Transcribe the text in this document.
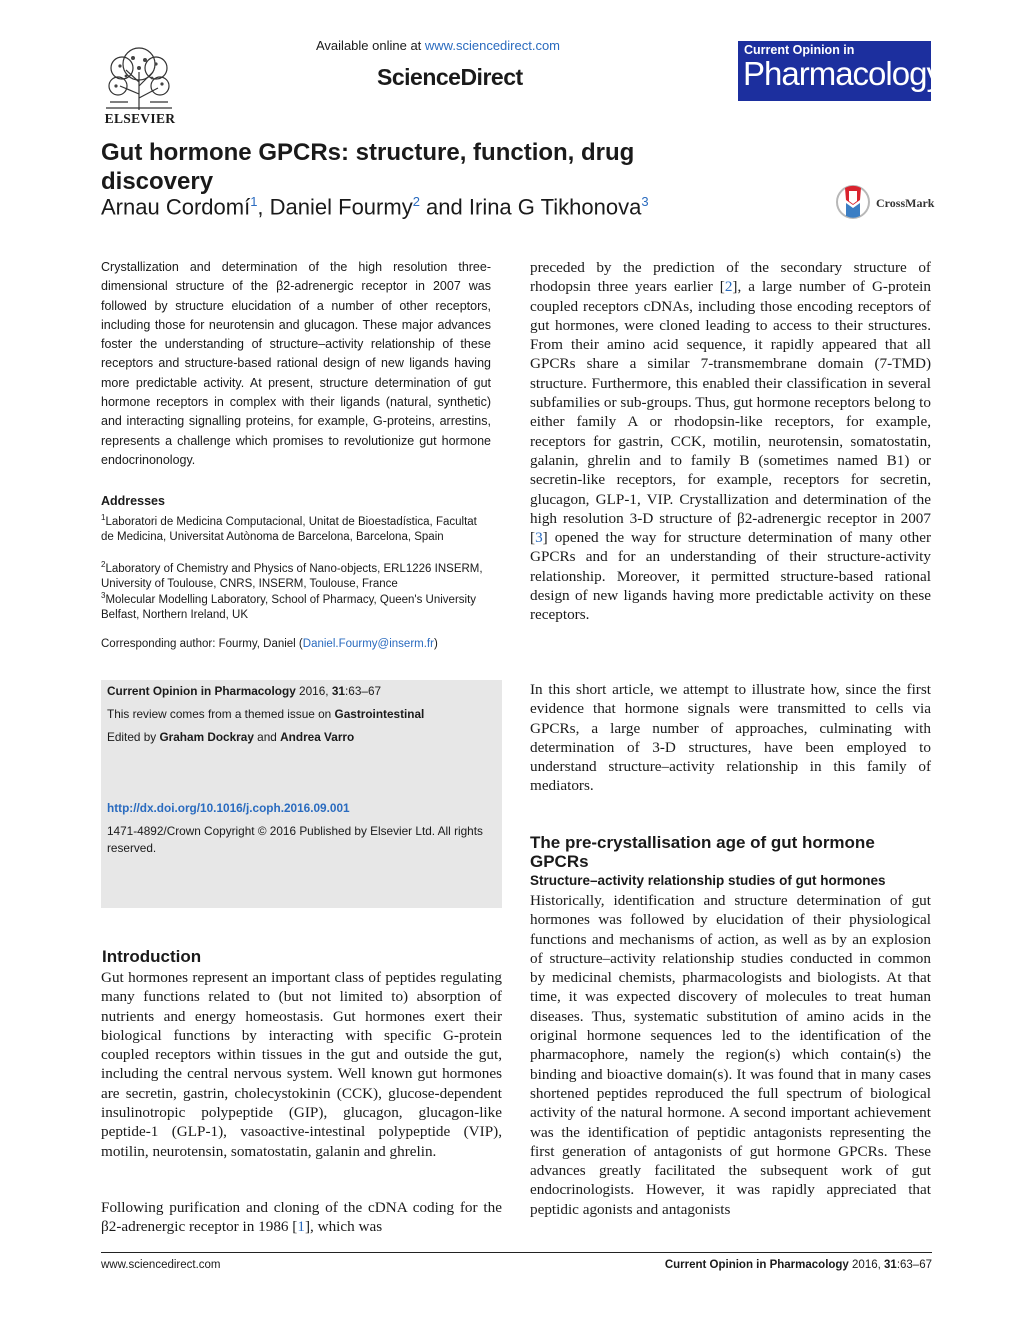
ELSEVIER
Available online at www.sciencedirect.com
ScienceDirect
Current Opinion in
Pharmacology
Gut hormone GPCRs: structure, function, drug discovery
Arnau Cordomí$^1$, Daniel Fourmy$^2$ and Irina G Tikhonova$^3$	CrossMark
Crystallization and determination of the high resolution three-dimensional structure of the β2-adrenergic receptor in 2007 was followed by structure elucidation of a number of other receptors, including those for neurotensin and glucagon. These major advances foster the understanding of structure–activity relationship of these receptors and structure-based rational design of new ligands having more predictable activity. At present, structure determination of gut hormone receptors in complex with their ligands (natural, synthetic) and interacting signalling proteins, for example, G-proteins, arrestins, represents a challenge which promises to revolutionize gut hormone endocrinonology.
Addresses
$^1$Laboratori de Medicina Computacional, Unitat de Bioestadística, Facultat de Medicina, Universitat Autònoma de Barcelona, Barcelona, Spain
$^2$Laboratory of Chemistry and Physics of Nano-objects, ERL1226 INSERM, University of Toulouse, CNRS, INSERM, Toulouse, France
$^3$Molecular Modelling Laboratory, School of Pharmacy, Queen's University Belfast, Northern Ireland, UK
Corresponding author: Fourmy, Daniel (Daniel.Fourmy@inserm.fr)
Current Opinion in Pharmacology 2016, 31:63–67
This review comes from a themed issue on Gastrointestinal
Edited by Graham Dockray and Andrea Varro
http://dx.doi.org/10.1016/j.coph.2016.09.001
1471-4892/Crown Copyright © 2016 Published by Elsevier Ltd. All rights reserved.
Introduction
Gut hormones represent an important class of peptides regulating many functions related to (but not limited to) absorption of nutrients and energy homeostasis. Gut hormones exert their biological functions by interacting with specific G-protein coupled receptors within tissues in the gut and outside the gut, including the central nervous system. Well known gut hormones are secretin, gastrin, cholecystokinin (CCK), glucose-dependent insulinotropic polypeptide (GIP), glucagon, glucagon-like peptide-1 (GLP-1), vasoactive-intestinal polypeptide (VIP), motilin, neurotensin, somatostatin, galanin and ghrelin.
Following purification and cloning of the cDNA coding for the β2-adrenergic receptor in 1986 [1], which was
preceded by the prediction of the secondary structure of rhodopsin three years earlier [2], a large number of G-protein coupled receptors cDNAs, including those encoding receptors of gut hormones, were cloned leading to access to their structures. From their amino acid sequence, it rapidly appeared that all GPCRs share a similar 7-transmembrane domain (7-TMD) structure. Furthermore, this enabled their classification in several subfamilies or sub-groups. Thus, gut hormone receptors belong to either family A or rhodopsin-like receptors, for example, receptors for gastrin, CCK, motilin, neurotensin, somatostatin, galanin, ghrelin and to family B (sometimes named B1) or secretin-like receptors, for example, receptors for secretin, glucagon, GLP-1, VIP. Crystallization and determination of the high resolution 3-D structure of β2-adrenergic receptor in 2007 [3] opened the way for structure determination of many other GPCRs and for an understanding of their structure-activity relationship. Moreover, it permitted structure-based rational design of new ligands having more predictable activity on these receptors.
In this short article, we attempt to illustrate how, since the first evidence that hormone signals were transmitted to cells via GPCRs, a large number of approaches, culminating with determination of 3-D structures, have been employed to understand structure–activity relationship in this family of mediators.
The pre-crystallisation age of gut hormone GPCRs
Structure–activity relationship studies of gut hormones
Historically, identification and structure determination of gut hormones was followed by elucidation of their physiological functions and mechanisms of action, as well as by an explosion of structure–activity relationship studies conducted in common by medicinal chemists, pharmacologists and biologists. At that time, it was expected discovery of molecules to treat human diseases. Thus, systematic substitution of amino acids in the original hormone sequences led to the identification of the pharmacophore, namely the region(s) which contain(s) the binding and bioactive domain(s). It was found that in many cases shortened peptides reproduced the full spectrum of biological activity of the natural hormone. A second important achievement was the identification of peptidic antagonists representing the first generation of antagonists of gut hormone GPCRs. These advances greatly facilitated the subsequent work of gut endocrinologists. However, it was rapidly appreciated that peptidic agonists and antagonists
www.sciencedirect.com	Current Opinion in Pharmacology 2016, 31:63–67
